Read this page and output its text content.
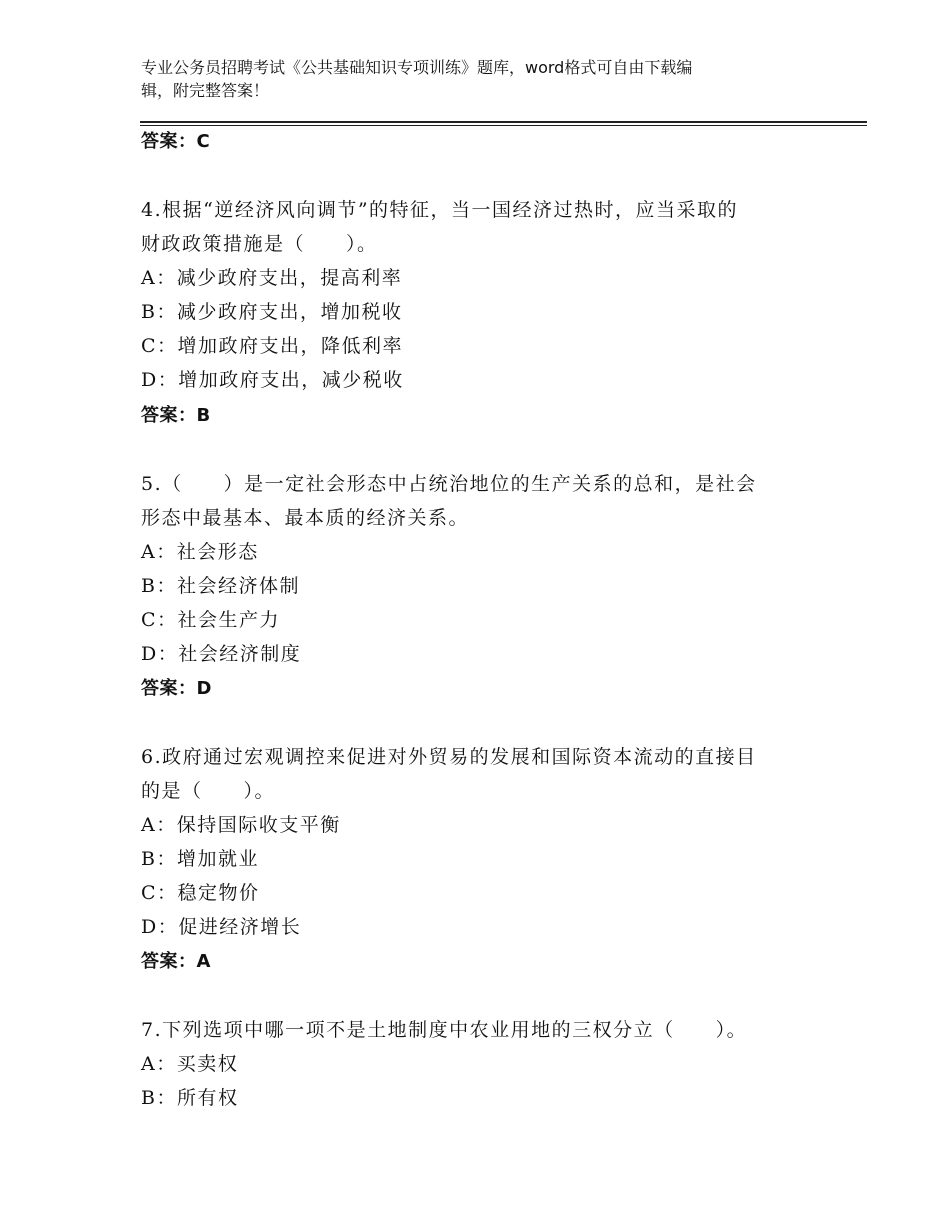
专业公务员招聘考试《公共基础知识专项训练》题库，word格式可自由下载编
辑，附完整答案！
答案：C
4.根据“逆经济风向调节”的特征，当一国经济过热时，应当采取的
财政政策措施是（　　）。
A：减少政府支出，提高利率
B：减少政府支出，增加税收
C：增加政府支出，降低利率
D：增加政府支出，减少税收
答案：B
5.（　　）是一定社会形态中占统治地位的生产关系的总和，是社会
形态中最基本、最本质的经济关系。
A：社会形态
B：社会经济体制
C：社会生产力
D：社会经济制度
答案：D
6.政府通过宏观调控来促进对外贸易的发展和国际资本流动的直接目
的是（　　）。
A：保持国际收支平衡
B：增加就业
C：稳定物价
D：促进经济增长
答案：A
7.下列选项中哪一项不是土地制度中农业用地的三权分立（　　）。
A：买卖权
B：所有权
